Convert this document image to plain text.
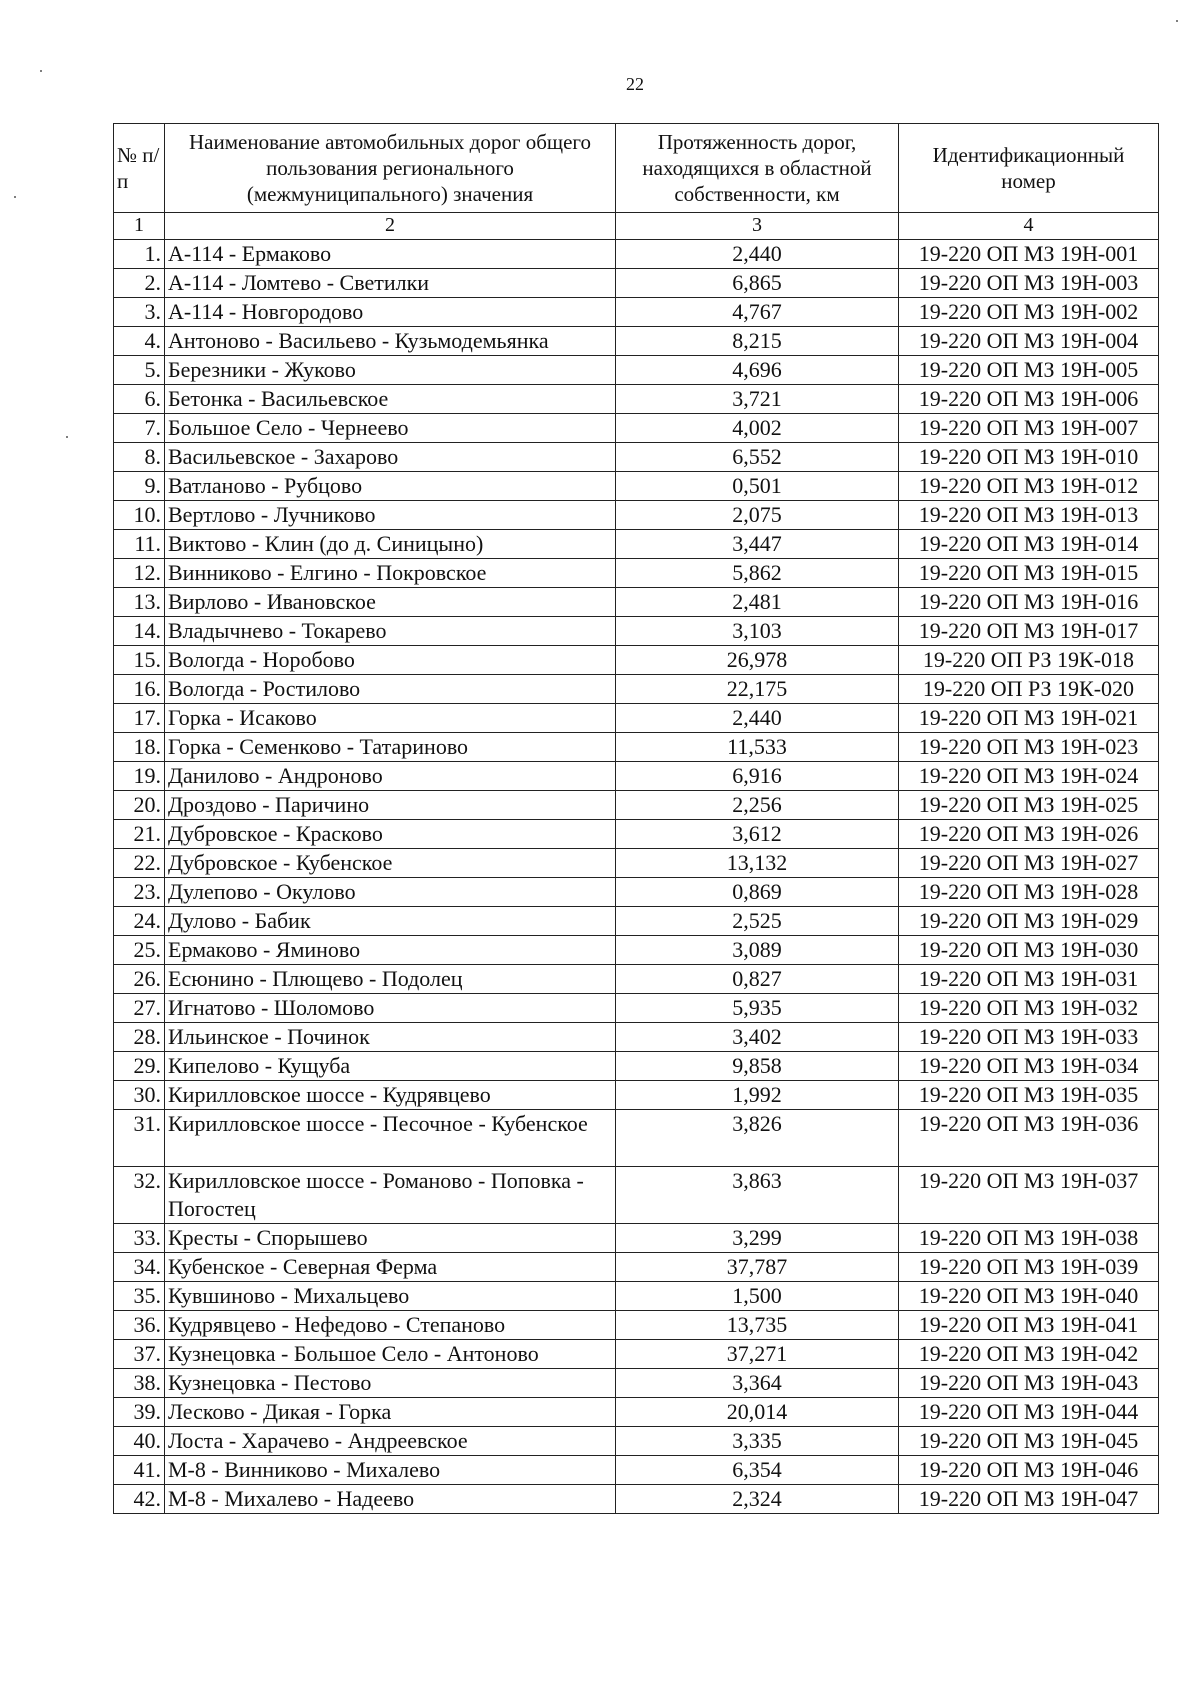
22
№ п/п	Наименование автомобильных дорог общего пользования регионального (межмуниципального) значения	Протяженность дорог, находящихся в областной собственности, км	Идентификационный номер
1	2	3	4
1.	А-114 - Ермаково	2,440	19-220 ОП МЗ 19Н-001
2.	А-114 - Ломтево - Светилки	6,865	19-220 ОП МЗ 19Н-003
3.	А-114 - Новгородово	4,767	19-220 ОП МЗ 19Н-002
4.	Антоново - Васильево - Кузьмодемьянка	8,215	19-220 ОП МЗ 19Н-004
5.	Березники - Жуково	4,696	19-220 ОП МЗ 19Н-005
6.	Бетонка - Васильевское	3,721	19-220 ОП МЗ 19Н-006
7.	Большое Село - Чернеево	4,002	19-220 ОП МЗ 19Н-007
8.	Васильевское - Захарово	6,552	19-220 ОП МЗ 19Н-010
9.	Ватланово - Рубцово	0,501	19-220 ОП МЗ 19Н-012
10.	Вертлово - Лучниково	2,075	19-220 ОП МЗ 19Н-013
11.	Виктово - Клин (до д. Синицыно)	3,447	19-220 ОП МЗ 19Н-014
12.	Винниково - Елгино - Покровское	5,862	19-220 ОП МЗ 19Н-015
13.	Вирлово - Ивановское	2,481	19-220 ОП МЗ 19Н-016
14.	Владычнево - Токарево	3,103	19-220 ОП МЗ 19Н-017
15.	Вологда - Норобово	26,978	19-220 ОП РЗ 19К-018
16.	Вологда - Ростилово	22,175	19-220 ОП РЗ 19К-020
17.	Горка - Исаково	2,440	19-220 ОП МЗ 19Н-021
18.	Горка - Семенково - Татариново	11,533	19-220 ОП МЗ 19Н-023
19.	Данилово - Андроново	6,916	19-220 ОП МЗ 19Н-024
20.	Дроздово - Паричино	2,256	19-220 ОП МЗ 19Н-025
21.	Дубровское - Красково	3,612	19-220 ОП МЗ 19Н-026
22.	Дубровское - Кубенское	13,132	19-220 ОП МЗ 19Н-027
23.	Дулепово - Окулово	0,869	19-220 ОП МЗ 19Н-028
24.	Дулово - Бабик	2,525	19-220 ОП МЗ 19Н-029
25.	Ермаково - Яминово	3,089	19-220 ОП МЗ 19Н-030
26.	Есюнино - Плющево - Подолец	0,827	19-220 ОП МЗ 19Н-031
27.	Игнатово - Шоломово	5,935	19-220 ОП МЗ 19Н-032
28.	Ильинское - Починок	3,402	19-220 ОП МЗ 19Н-033
29.	Кипелово - Кущуба	9,858	19-220 ОП МЗ 19Н-034
30.	Кирилловское шоссе - Кудрявцево	1,992	19-220 ОП МЗ 19Н-035
31.	Кирилловское шоссе - Песочное - Кубенское	3,826	19-220 ОП МЗ 19Н-036
32.	Кирилловское шоссе - Романово - Поповка - Погостец	3,863	19-220 ОП МЗ 19Н-037
33.	Кресты - Спорышево	3,299	19-220 ОП МЗ 19Н-038
34.	Кубенское - Северная Ферма	37,787	19-220 ОП МЗ 19Н-039
35.	Кувшиново - Михальцево	1,500	19-220 ОП МЗ 19Н-040
36.	Кудрявцево - Нефедово - Степаново	13,735	19-220 ОП МЗ 19Н-041
37.	Кузнецовка - Большое Село - Антоново	37,271	19-220 ОП МЗ 19Н-042
38.	Кузнецовка - Пестово	3,364	19-220 ОП МЗ 19Н-043
39.	Лесково - Дикая - Горка	20,014	19-220 ОП МЗ 19Н-044
40.	Лоста - Харачево - Андреевское	3,335	19-220 ОП МЗ 19Н-045
41.	М-8 - Винниково - Михалево	6,354	19-220 ОП МЗ 19Н-046
42.	М-8 - Михалево - Надеево	2,324	19-220 ОП МЗ 19Н-047
